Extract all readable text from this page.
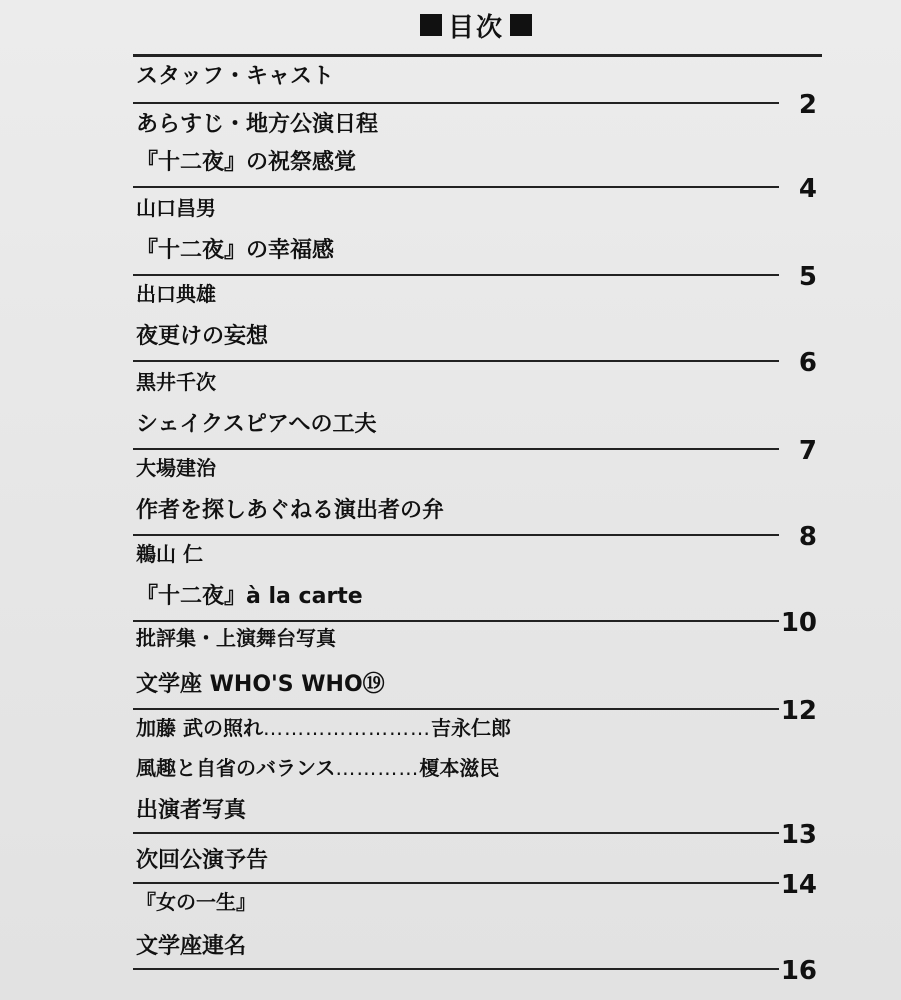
目次
スタッフ・キャスト
2
あらすじ・地方公演日程
『十二夜』の祝祭感覚
4
山口昌男
『十二夜』の幸福感
5
出口典雄
夜更けの妄想
6
黒井千次
シェイクスピアへの工夫
7
大場建治
作者を探しあぐねる演出者の弁
8
鵜山 仁
『十二夜』à la carte
10
批評集・上演舞台写真
文学座 WHO'S WHO⑲
12
加藤 武の照れ……………………吉永仁郎
風趣と自省のバランス…………榎本滋民
出演者写真
13
次回公演予告
14
『女の一生』
文学座連名
16
